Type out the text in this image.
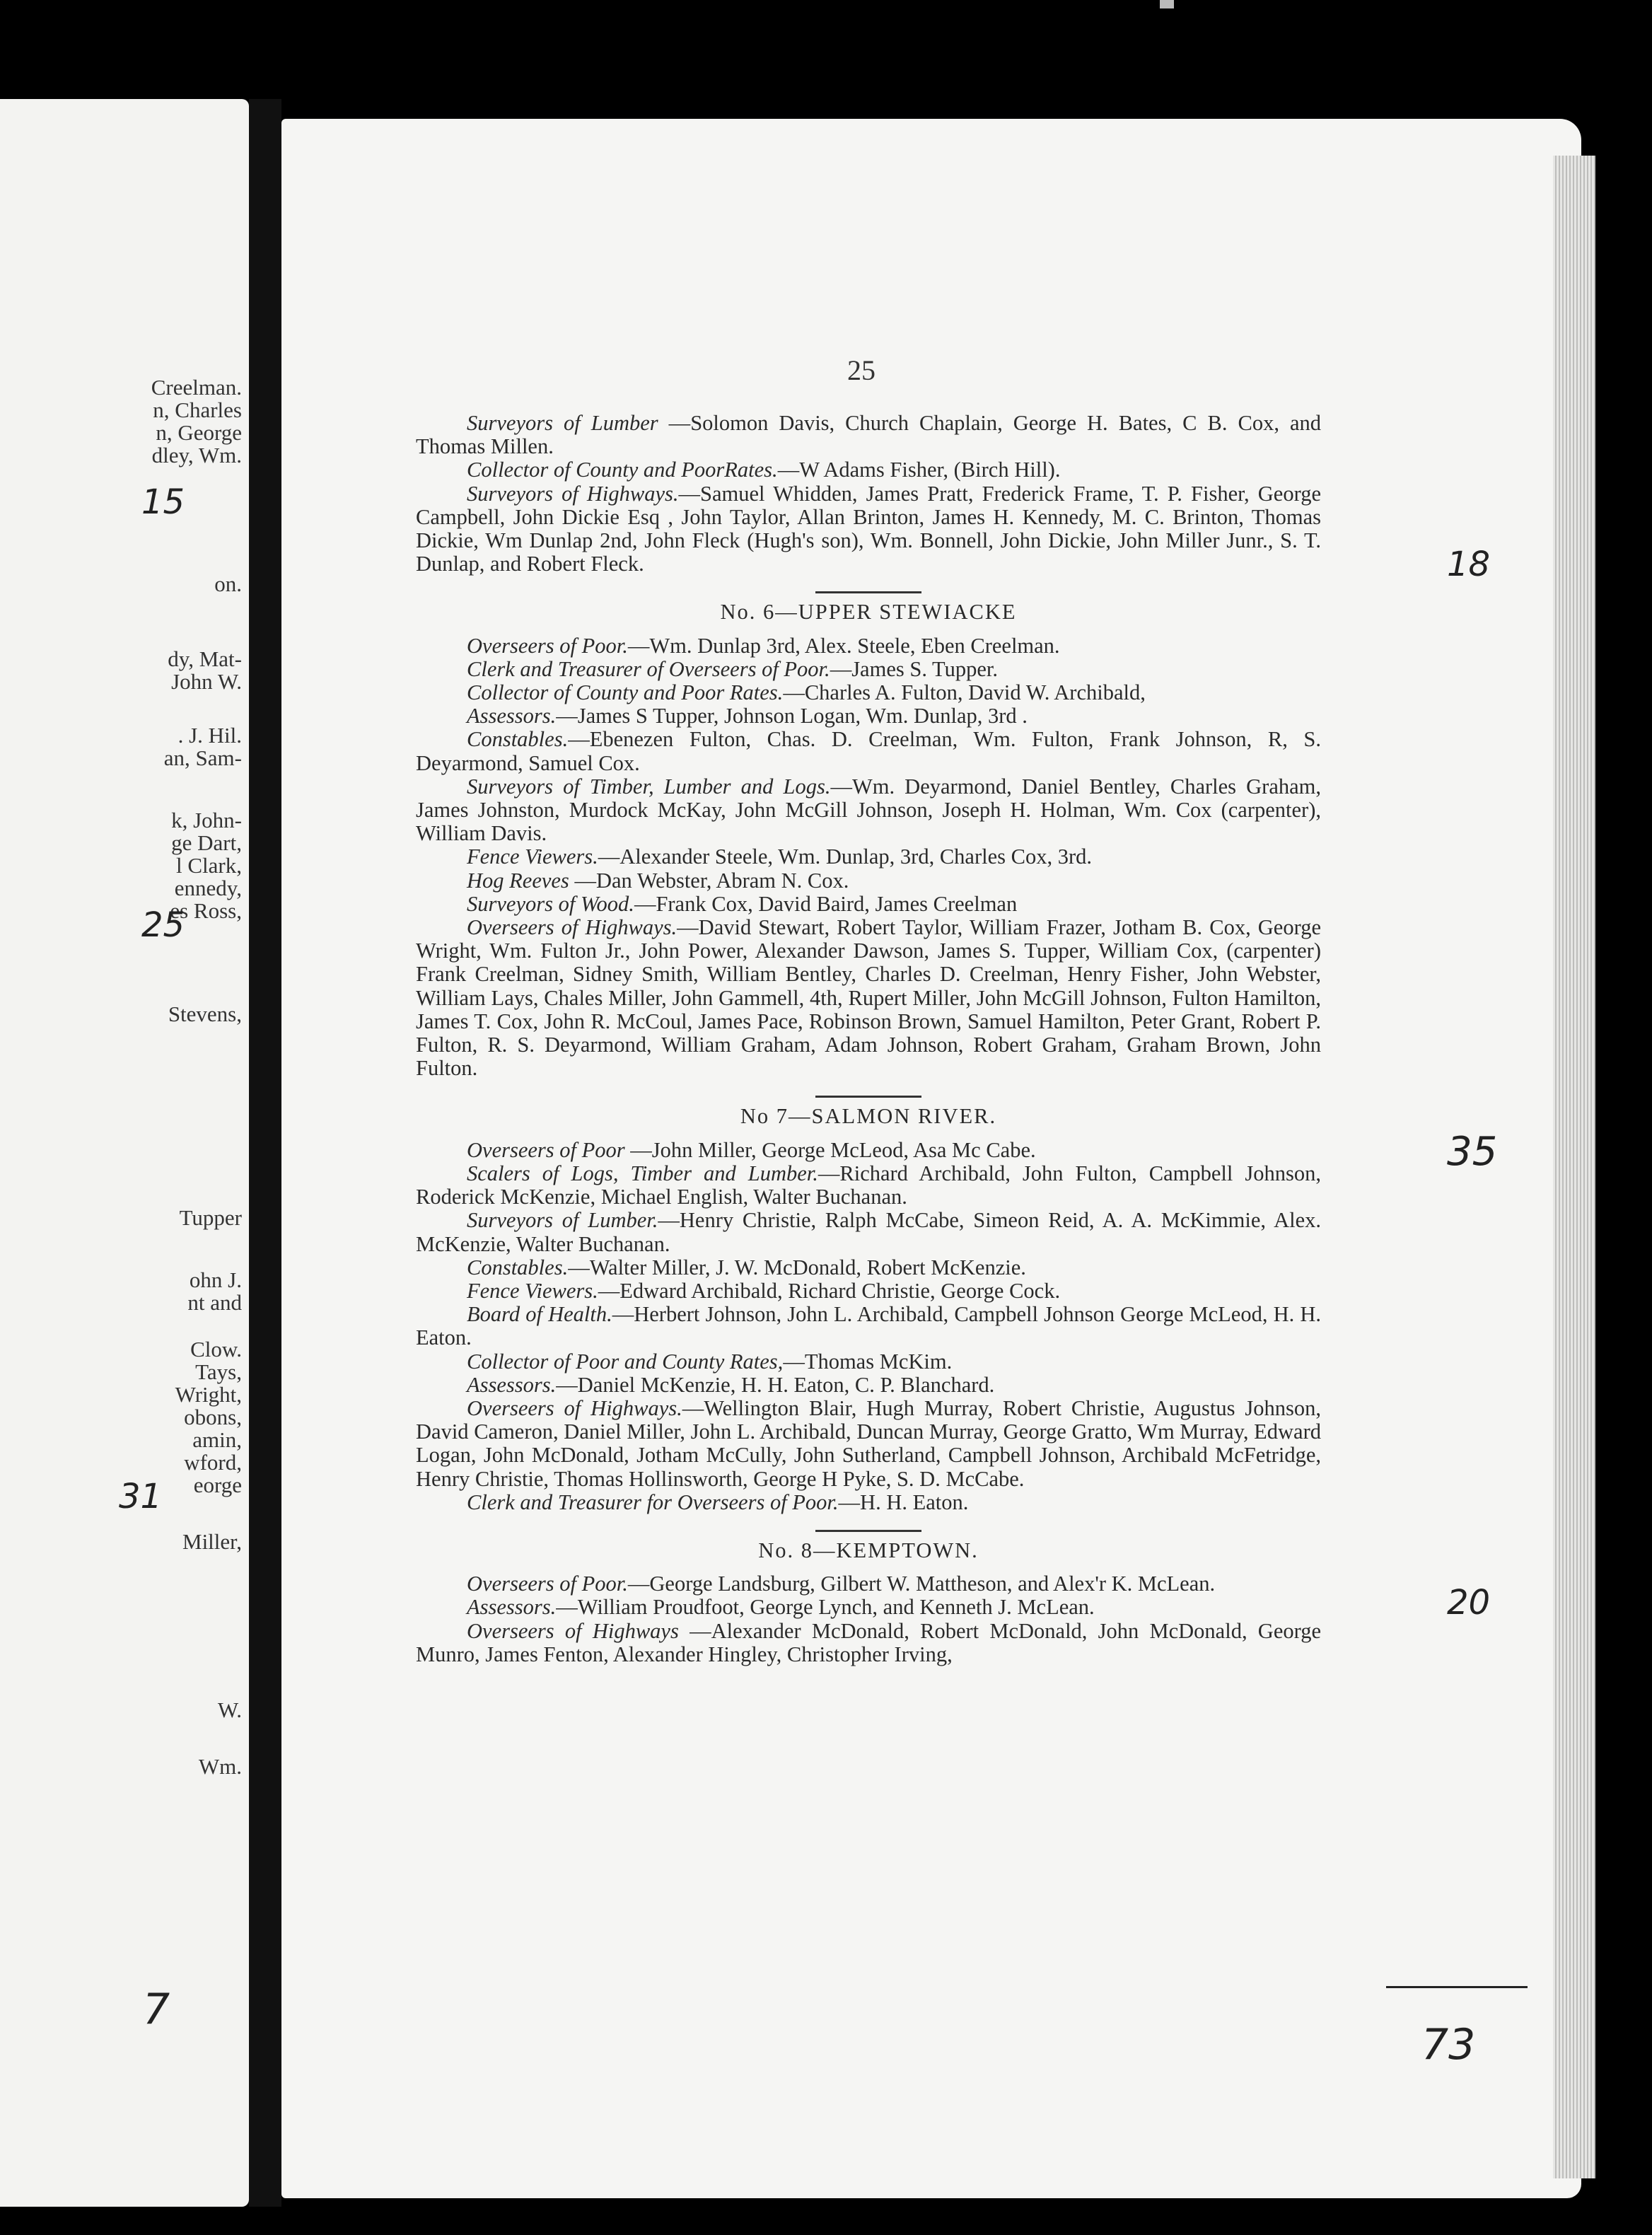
Creelman.
n, Charles
n, George
dley, Wm.
on.
dy, Mat-
John W.
. J. Hil.
an, Sam-
k, John-
ge Dart,
l Clark,
ennedy,
es Ross,
Stevens,
Tupper
ohn J.
nt and
Clow.
Tays,
Wright,
obons,
amin,
wford,
eorge
Miller,
W.
Wm.
25

Surveyors of Lumber —Solomon Davis, Church Chaplain, George H. Bates, C B. Cox, and Thomas Millen.

Collector of County and PoorRates.—W Adams Fisher, (Birch Hill).

Surveyors of Highways.—Samuel Whidden, James Pratt, Frederick Frame, T. P. Fisher, George Campbell, John Dickie Esq , John Taylor, Allan Brinton, James H. Kennedy, M. C. Brinton, Thomas Dickie, Wm Dunlap 2nd, John Fleck (Hugh's son), Wm. Bonnell, John Dickie, John Miller Junr., S. T. Dunlap, and Robert Fleck.

No. 6—UPPER STEWIACKE

Overseers of Poor.—Wm. Dunlap 3rd, Alex. Steele, Eben Creelman.

Clerk and Treasurer of Overseers of Poor.—James S. Tupper.

Collector of County and Poor Rates.—Charles A. Fulton, David W. Archibald,

Assessors.—James S Tupper, Johnson Logan, Wm. Dunlap, 3rd .

Constables.—Ebenezen Fulton, Chas. D. Creelman, Wm. Fulton, Frank Johnson, R, S. Deyarmond, Samuel Cox.

Surveyors of Timber, Lumber and Logs.—Wm. Deyarmond, Daniel Bentley, Charles Graham, James Johnston, Murdock McKay, John McGill Johnson, Joseph H. Holman, Wm. Cox (carpenter), William Davis.

Fence Viewers.—Alexander Steele, Wm. Dunlap, 3rd, Charles Cox, 3rd.

Hog Reeves —Dan Webster, Abram N. Cox.

Surveyors of Wood.—Frank Cox, David Baird, James Creelman

Overseers of Highways.—David Stewart, Robert Taylor, William Frazer, Jotham B. Cox, George Wright, Wm. Fulton Jr., John Power, Alexander Dawson, James S. Tupper, William Cox, (carpenter) Frank Creelman, Sidney Smith, William Bentley, Charles D. Creelman, Henry Fisher, John Webster, William Lays, Chales Miller, John Gammell, 4th, Rupert Miller, John McGill Johnson, Fulton Hamilton, James T. Cox, John R. McCoul, James Pace, Robinson Brown, Samuel Hamilton, Peter Grant, Robert P. Fulton, R. S. Deyarmond, William Graham, Adam Johnson, Robert Graham, Graham Brown, John Fulton.

No 7—SALMON RIVER.

Overseers of Poor —John Miller, George McLeod, Asa Mc Cabe.

Scalers of Logs, Timber and Lumber.—Richard Archibald, John Fulton, Campbell Johnson, Roderick McKenzie, Michael English, Walter Buchanan.

Surveyors of Lumber.—Henry Christie, Ralph McCabe, Simeon Reid, A. A. McKimmie, Alex. McKenzie, Walter Buchanan.

Constables.—Walter Miller, J. W. McDonald, Robert McKenzie.

Fence Viewers.—Edward Archibald, Richard Christie, George Cock.

Board of Health.—Herbert Johnson, John L. Archibald, Campbell Johnson George McLeod, H. H. Eaton.

Collector of Poor and County Rates,—Thomas McKim.

Assessors.—Daniel McKenzie, H. H. Eaton, C. P. Blanchard.

Overseers of Highways.—Wellington Blair, Hugh Murray, Robert Christie, Augustus Johnson, David Cameron, Daniel Miller, John L. Archibald, Duncan Murray, George Gratto, Wm Murray, Edward Logan, John McDonald, Jotham McCully, John Sutherland, Campbell Johnson, Archibald McFetridge, Henry Christie, Thomas Hollinsworth, George H Pyke, S. D. McCabe.

Clerk and Treasurer for Overseers of Poor.—H. H. Eaton.

No. 8—KEMPTOWN.

Overseers of Poor.—George Landsburg, Gilbert W. Mattheson, and Alex'r K. McLean.

Assessors.—William Proudfoot, George Lynch, and Kenneth J. McLean.

Overseers of Highways —Alexander McDonald, Robert McDonald, John McDonald, George Munro, James Fenton, Alexander Hingley, Christopher Irving,

15
25
31
7
18
35
20
73
